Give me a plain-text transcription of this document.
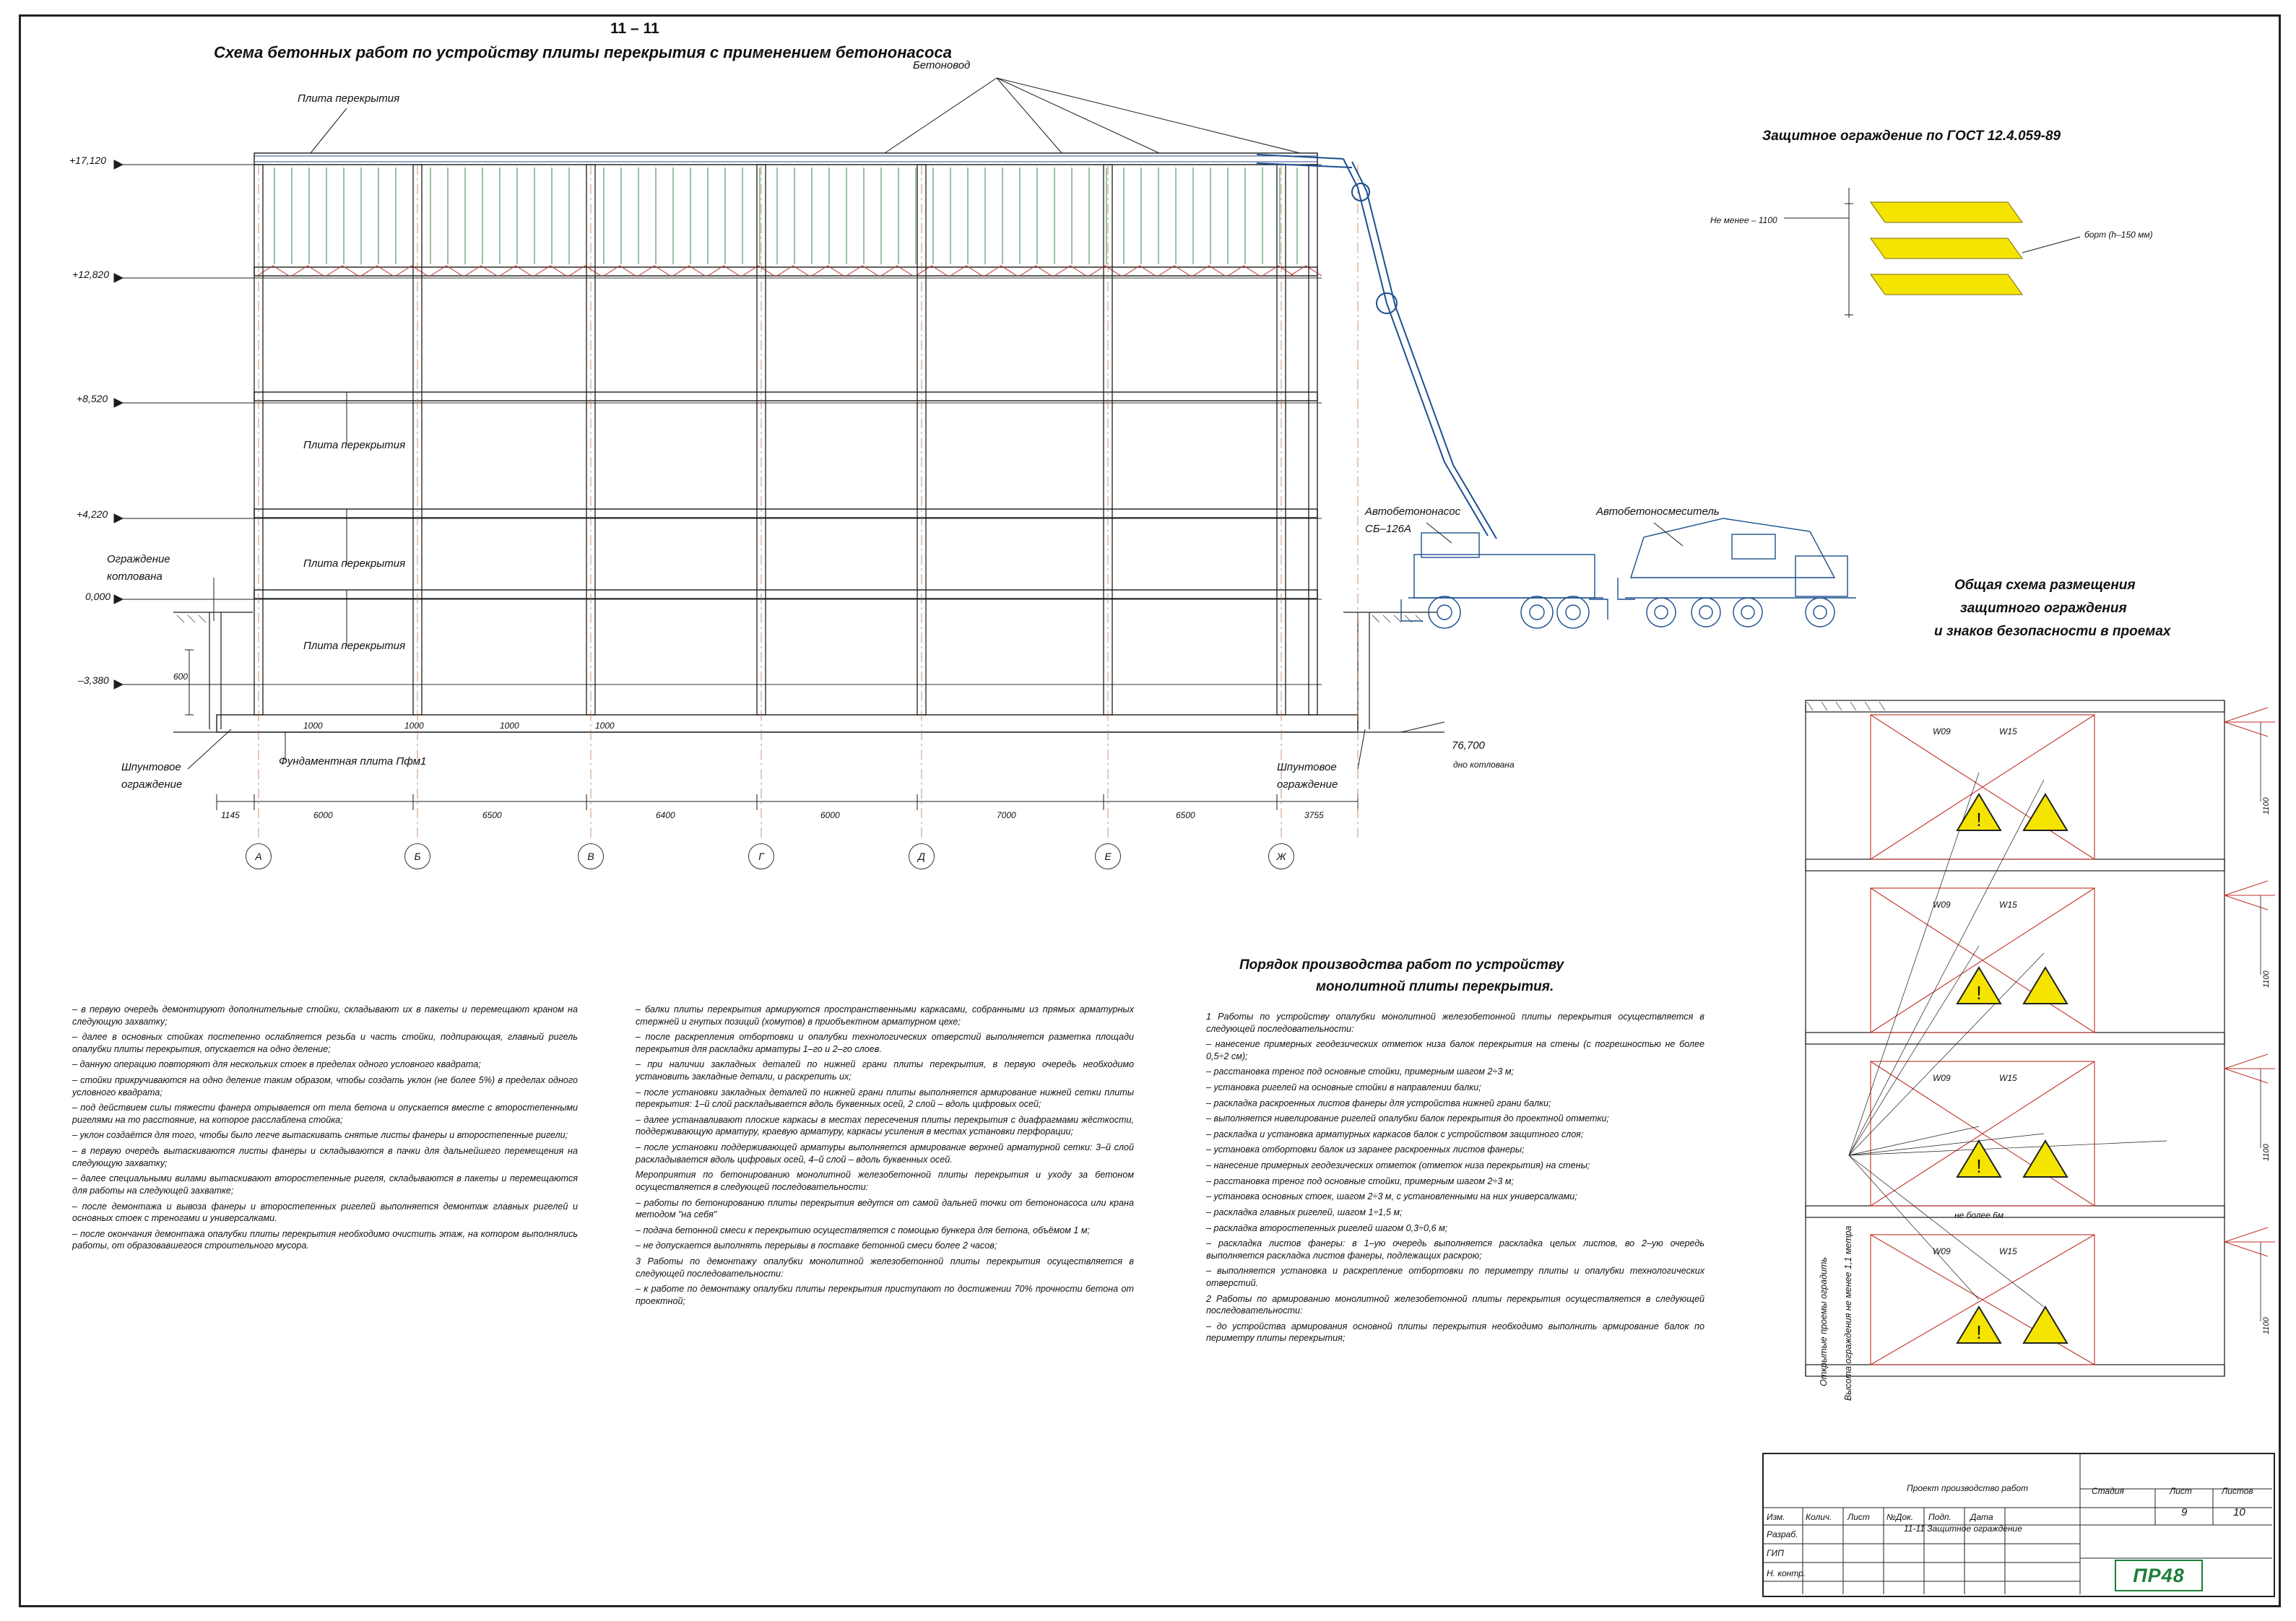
11 – 11
Схема бетонных работ по устройству плиты перекрытия с применением бетононасоса
+17,120
+12,820
+8,520
+4,220
0,000
–3,380
Плита перекрытия
Плита перекрытия
Плита перекрытия
Плита перекрытия
Бетоновод
Автобетононасос
СБ–126А
Автобетоносмеситель
Ограждение
котлована
Шпунтовое
ограждение
Шпунтовое
ограждение
Фундаментная плита Пфм1
76,700
дно котлована
600
1000	1000	1000	1000
1145	6000	6500	6400	6000	7000	6500	3755
А	Б	В	Г	Д	Е	Ж
Защитное ограждение по ГОСТ 12.4.059-89
Не менее – 1100
борт (h–150 мм)
Общая схема размещения
защитного ограждения
и знаков безопасности в проемах
!
!
!
!
W09	W15
W09	W15
W09	W15
W09	W15
не более 6м
Открытые проемы оградить Высота ограждения не менее 1,1 метра
1100
1100
1100
1100

– в первую очередь демонтируют дополнительные стойки, складывают их в пакеты и перемещают краном на следующую захватку;

– далее в основных стойках постепенно ослабляется резьба и часть стойки, подпирающая, главный ригель опалубки плиты перекрытия, опускается на одно деление;

– данную операцию повторяют для нескольких стоек в пределах одного условного квадрата;

– стойки прикручиваются на одно деление таким образом, чтобы создать уклон (не более 5%) в пределах одного условного квадрата;

– под действием силы тяжести фанера отрывается от тела бетона и опускается вместе с второстепенными ригелями на то расстояние, на которое расслаблена стойка;

– уклон создаётся для того, чтобы было легче вытаскивать снятые листы фанеры и второстепенные ригели;

– в первую очередь вытаскиваются листы фанеры и складываются в пачки для дальнейшего перемещения на следующую захватку;

– далее специальными вилами вытаскивают второстепенные ригеля, складываются в пакеты и перемещаются для работы на следующей захватке;

– после демонтажа и вывоза фанеры и второстепенных ригелей выполняется демонтаж главных ригелей и основных стоек с треногами и универсалками.

– после окончания демонтажа опалубки плиты перекрытия необходимо очистить этаж, на котором выполнялись работы, от образовавшегося строительного мусора.

– балки плиты перекрытия армируются пространственными каркасами, собранными из прямых арматурных стержней и гнутых позиций (хомутов) в приобъектном арматурном цехе;

– после раскрепления отбортовки и опалубки технологических отверстий выполняется разметка площади перекрытия для раскладки арматуры 1–го и 2–го слоев.

– при наличии закладных деталей по нижней грани плиты перекрытия, в первую очередь необходимо установить закладные детали, и раскрепить их;

– после установки закладных деталей по нижней грани плиты выполняется армирование нижней сетки плиты перекрытия: 1–й слой раскладывается вдоль буквенных осей, 2 слой – вдоль цифровых осей;

– далее устанавливают плоские каркасы в местах пересечения плиты перекрытия с диафрагмами жёсткости, поддерживающую арматуру, краевую арматуру, каркасы усиления в местах установки перфорации;

– после установки поддерживающей арматуры выполняется армирование верхней арматурной сетки: 3–й слой раскладывается вдоль цифровых осей, 4–й слой – вдоль буквенных осей.

Мероприятия по бетонированию монолитной железобетонной плиты перекрытия и уходу за бетоном осуществляется в следующей последовательности:

– работы по бетонированию плиты перекрытия ведутся от самой дальней точки от бетононасоса или крана методом "на себя"

– подача бетонной смеси к перекрытию осуществляется с помощью бункера для бетона, объёмом 1 м;

– не допускается выполнять перерывы в поставке бетонной смеси более 2 часов;

3 Работы по демонтажу опалубки монолитной железобетонной плиты перекрытия осуществляется в следующей последовательности:

– к работе по демонтажу опалубки плиты перекрытия приступают по достижении 70% прочности бетона от проектной;

Порядок производства работ по устройству
монолитной плиты перекрытия.

1 Работы по устройству опалубки монолитной железобетонной плиты перекрытия осуществляется в следующей последовательности:

– нанесение примерных геодезических отметок низа балок перекрытия на стены (с погрешностью не более 0,5÷2 см);

– расстановка треног под основные стойки, примерным шагом 2÷3 м;

– установка ригелей на основные стойки в направлении балки;

– раскладка раскроенных листов фанеры для устройства нижней грани балки;

– выполняется нивелирование ригелей опалубки балок перекрытия до проектной отметки;

– раскладка и установка арматурных каркасов балок с устройством защитного слоя;

– установка отбортовки балок из заранее раскроенных листов фанеры;

– нанесение примерных геодезических отметок (отметок низа перекрытия) на стены;

– расстановка треног под основные стойки, примерным шагом 2÷3 м;

– установка основных стоек, шагом 2÷3 м, с установленными на них универсалками;

– раскладка главных ригелей, шагом 1÷1,5 м;

– раскладка второстепенных ригелей шагом 0,3÷0,6 м;

– раскладка листов фанеры: в 1–ую очередь выполняется раскладка целых листов, во 2–ую очередь выполняется раскладка листов фанеры, подлежащих раскрою;

– выполняется установка и раскрепление отбортовки по периметру плиты и опалубки технологических отверстий.

2 Работы по армированию монолитной железобетонной плиты перекрытия осуществляется в следующей последовательности:

– до устройства армирования основной плиты перекрытия необходимо выполнить армирование балок по периметру плиты перекрытия;

Изм. Колич. Лист №Док. Подп. Дата
Разраб.
ГИП
Н. контр.
Проект производство работ
11-11 Защитное ограждение
Стадия	Лист	Листов
9	10
ПР48
